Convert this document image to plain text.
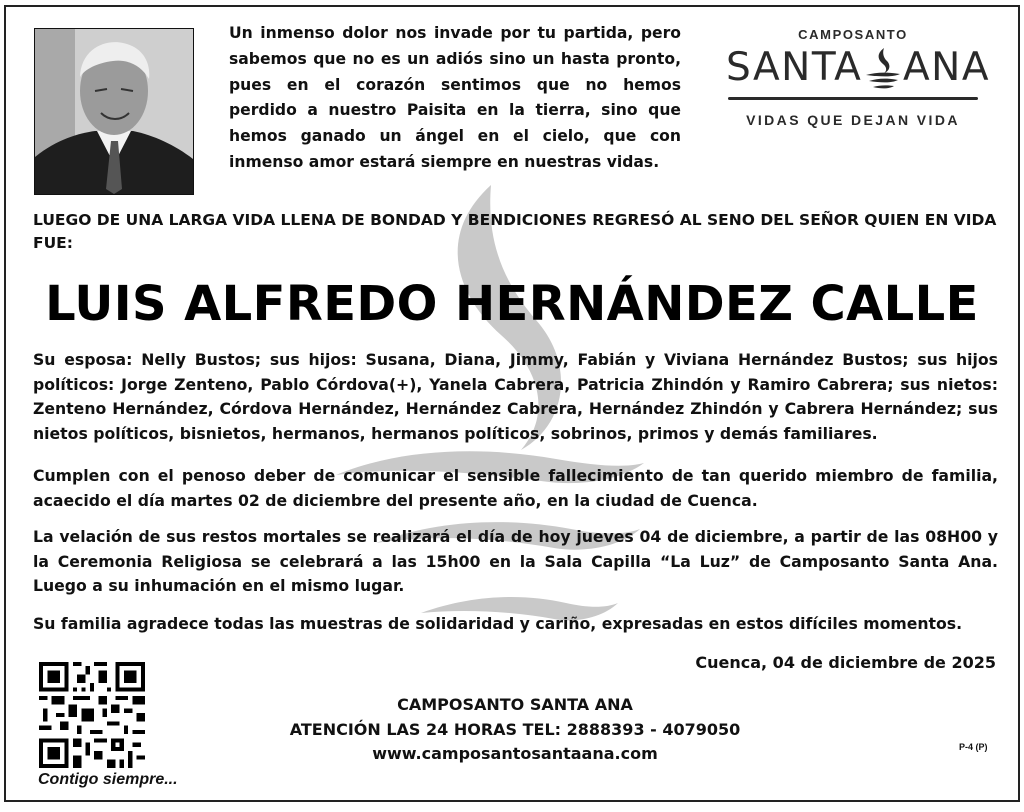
Un inmenso dolor nos invade por tu partida, pero sabemos que no es un adiós sino un hasta pronto, pues en el corazón sentimos que no hemos perdido a nuestro Paisita en la tierra, sino que hemos ganado un ángel en el cielo, que con inmenso amor estará siempre en nuestras vidas.

CAMPOSANTO
SANTA ANA
VIDAS QUE DEJAN VIDA

LUEGO DE UNA LARGA VIDA LLENA DE BONDAD Y BENDICIONES REGRESÓ AL SENO DEL SEÑOR QUIEN EN VIDA FUE:

LUIS ALFREDO HERNÁNDEZ CALLE

Su esposa: Nelly Bustos; sus hijos: Susana, Diana, Jimmy, Fabián y Viviana Hernández Bustos; sus hijos políticos: Jorge Zenteno, Pablo Córdova(+), Yanela Cabrera, Patricia Zhindón y Ramiro Cabrera; sus nietos: Zenteno Hernández, Córdova Hernández, Hernández Cabrera, Hernández Zhindón y Cabrera Hernández; sus nietos políticos, bisnietos, hermanos, hermanos políticos, sobrinos, primos y demás familiares.

Cumplen con el penoso deber de comunicar el sensible fallecimiento de tan querido miembro de familia, acaecido el día martes 02 de diciembre del presente año, en la ciudad de Cuenca.

La velación de sus restos mortales se realizará el día de hoy jueves 04 de diciembre, a partir de las 08H00 y la Ceremonia Religiosa se celebrará a las 15h00 en la Sala Capilla “La Luz” de Camposanto Santa Ana. Luego a su inhumación en el mismo lugar.

Su familia agradece todas las muestras de solidaridad y cariño, expresadas en estos difíciles momentos.

Cuenca, 04 de diciembre de 2025
Contigo siempre...
CAMPOSANTO SANTA ANA
ATENCIÓN LAS 24 HORAS TEL: 2888393 - 4079050
www.camposantosantaana.com	P-4 (P)
